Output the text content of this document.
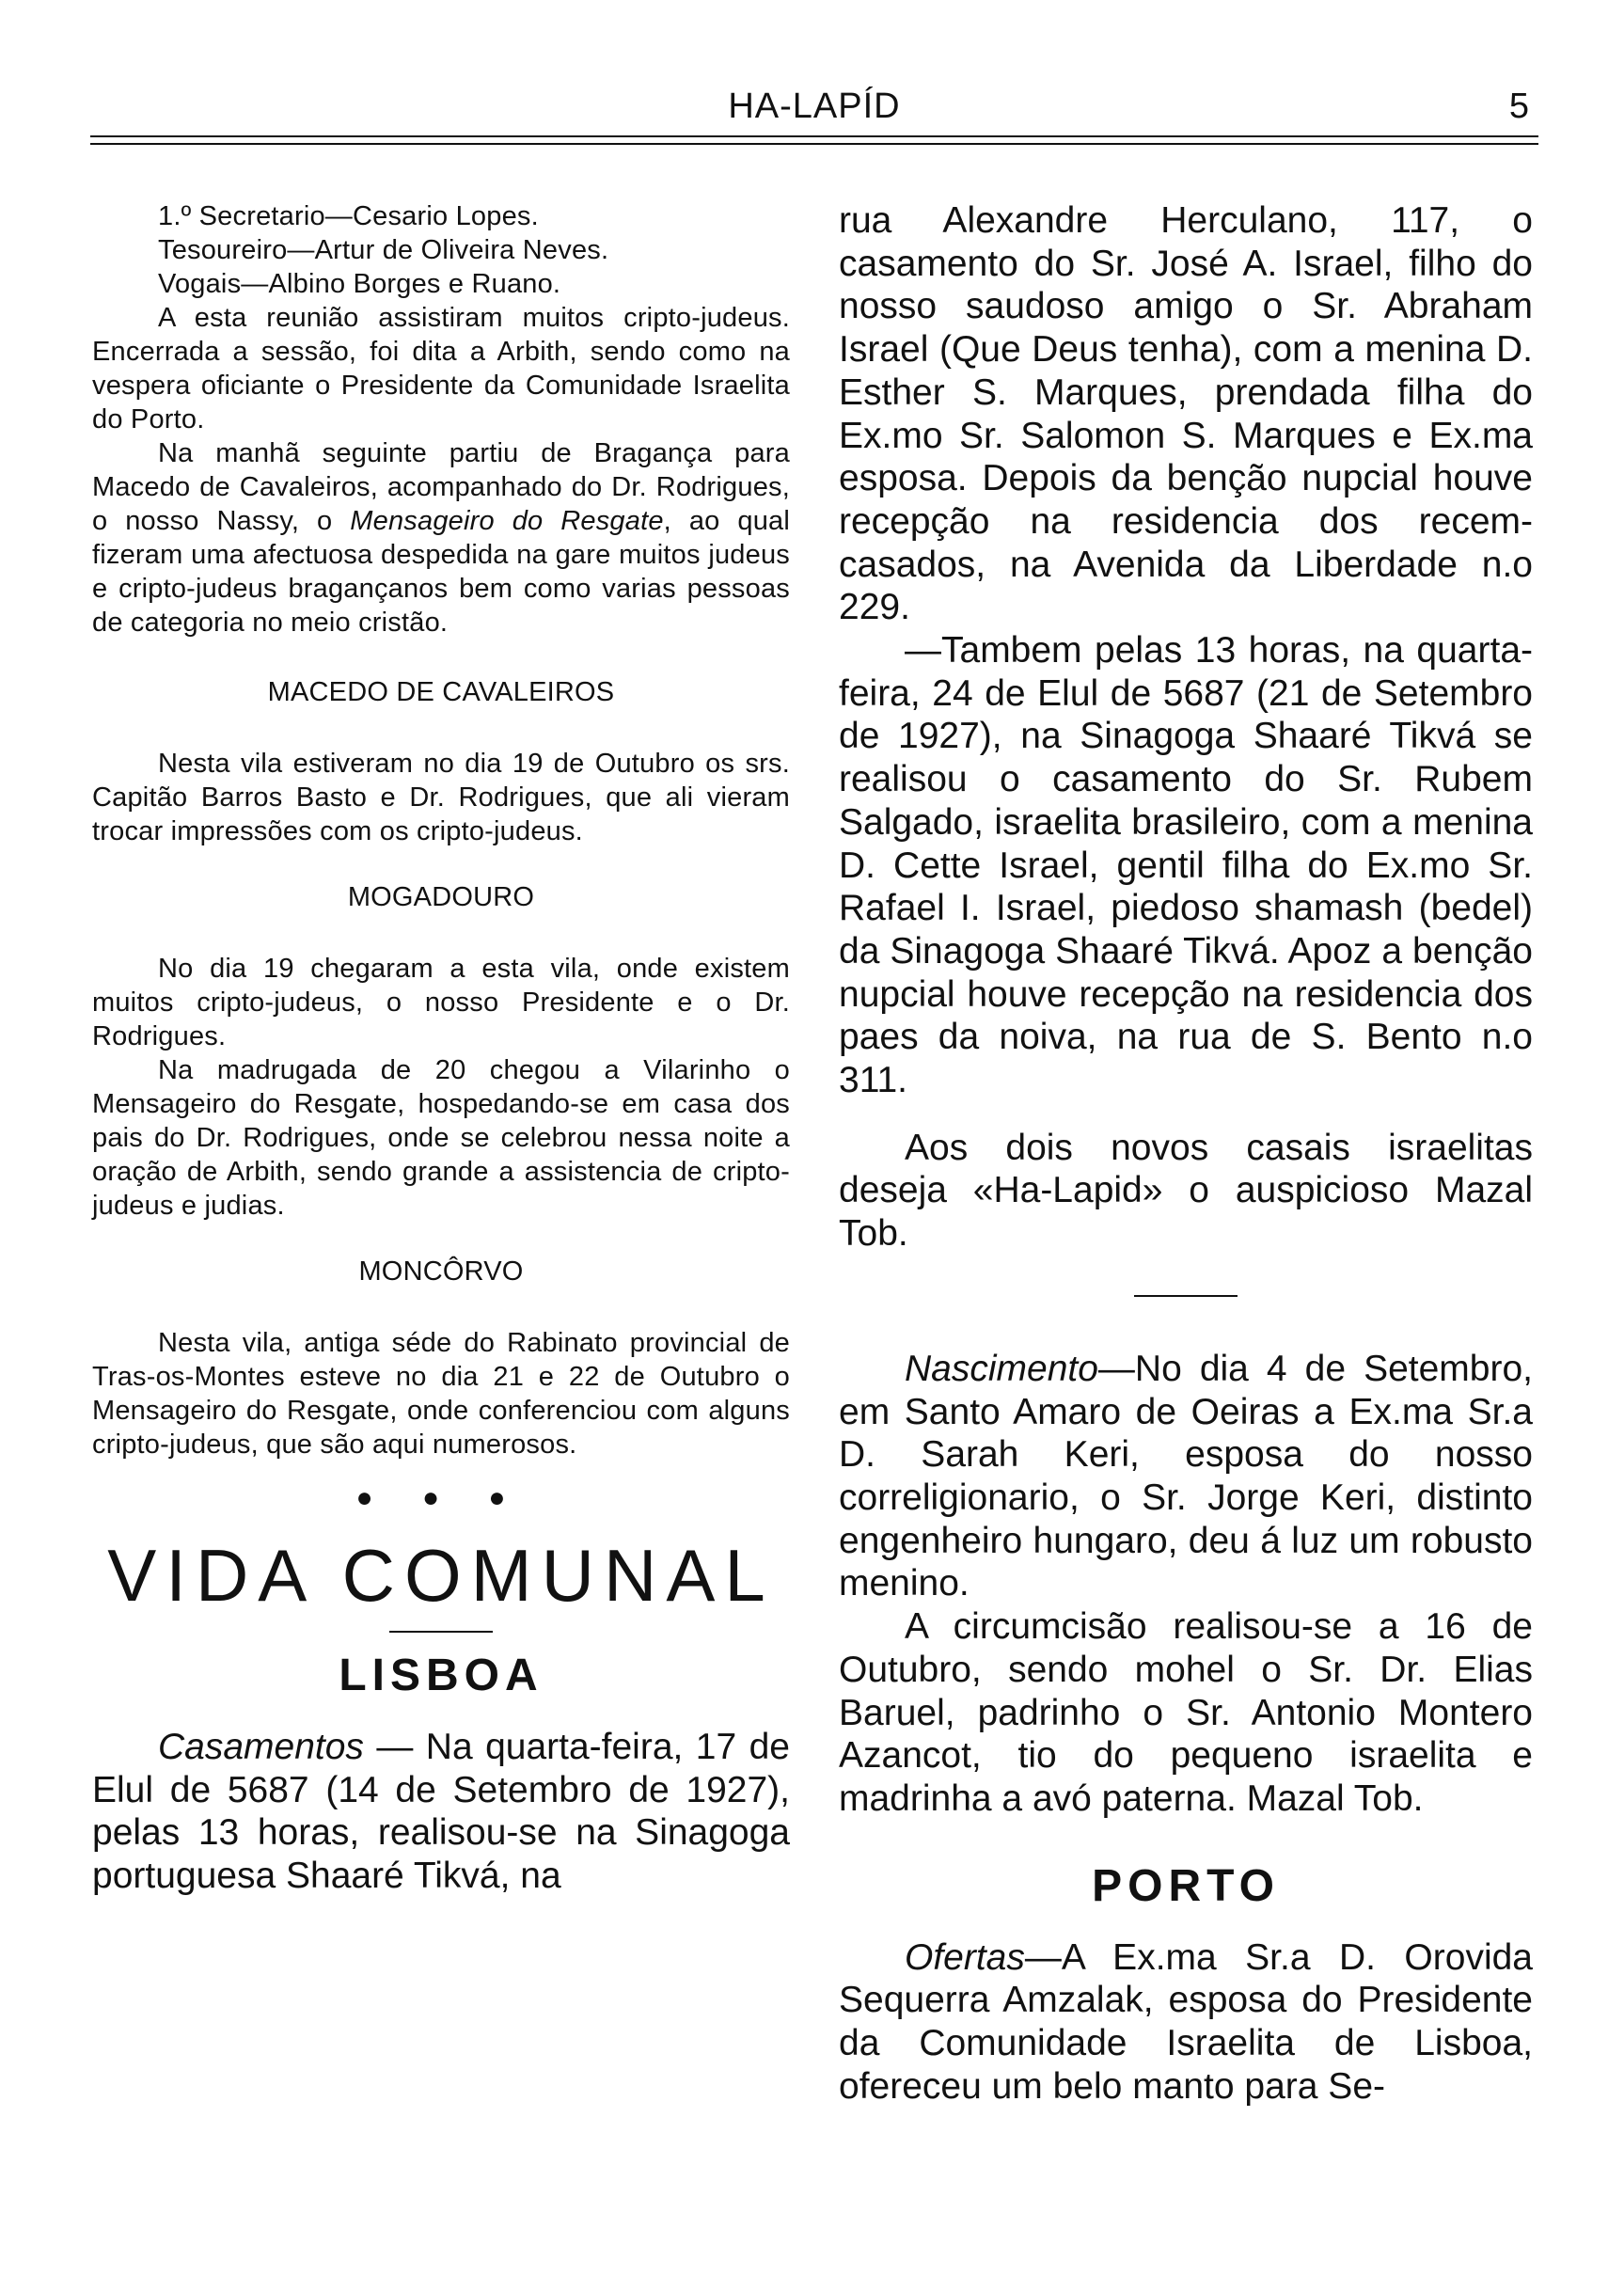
HA-LAPÍD	5

1.º Secretario—Cesario Lopes.

Tesoureiro—Artur de Oliveira Neves.

Vogais—Albino Borges e Ruano.

A esta reunião assistiram muitos cripto-judeus. Encerrada a sessão, foi dita a Arbith, sendo como na vespera oficiante o Presidente da Comunidade Israelita do Porto.

Na manhã seguinte partiu de Bragança para Macedo de Cavaleiros, acompanhado do Dr. Rodrigues, o nosso Nassy, o Mensageiro do Resgate, ao qual fizeram uma afectuosa despedida na gare muitos judeus e cripto-judeus bragançanos bem como varias pessoas de categoria no meio cristão.

MACEDO DE CAVALEIROS

Nesta vila estiveram no dia 19 de Outubro os srs. Capitão Barros Basto e Dr. Rodrigues, que ali vieram trocar impressões com os cripto-judeus.

MOGADOURO

No dia 19 chegaram a esta vila, onde existem muitos cripto-judeus, o nosso Presidente e o Dr. Rodrigues.

Na madrugada de 20 chegou a Vilarinho o Mensageiro do Resgate, hospedando-se em casa dos pais do Dr. Rodrigues, onde se celebrou nessa noite a oração de Arbith, sendo grande a assistencia de cripto-judeus e judias.

MONCÔRVO

Nesta vila, antiga séde do Rabinato provincial de Tras-os-Montes esteve no dia 21 e 22 de Outubro o Mensageiro do Resgate, onde conferenciou com alguns cripto-judeus, que são aqui numerosos.

● ● ●

VIDA COMUNAL

LISBOA

Casamentos — Na quarta-feira, 17 de Elul de 5687 (14 de Setembro de 1927), pelas 13 horas, realisou-se na Sinagoga portuguesa Shaaré Tikvá, na

rua Alexandre Herculano, 117, o casamento do Sr. José A. Israel, filho do nosso saudoso amigo o Sr. Abraham Israel (Que Deus tenha), com a menina D. Esther S. Marques, prendada filha do Ex.mo Sr. Salomon S. Marques e Ex.ma esposa. Depois da benção nupcial houve recepção na residencia dos recem-casados, na Avenida da Liberdade n.o 229.

—Tambem pelas 13 horas, na quarta-feira, 24 de Elul de 5687 (21 de Setembro de 1927), na Sinagoga Shaaré Tikvá se realisou o casamento do Sr. Rubem Salgado, israelita brasileiro, com a menina D. Cette Israel, gentil filha do Ex.mo Sr. Rafael I. Israel, piedoso shamash (bedel) da Sinagoga Shaaré Tikvá. Apoz a benção nupcial houve recepção na residencia dos paes da noiva, na rua de S. Bento n.o 311.

Aos dois novos casais israelitas deseja «Ha-Lapid» o auspicioso Mazal Tob.

Nascimento—No dia 4 de Setembro, em Santo Amaro de Oeiras a Ex.ma Sr.a D. Sarah Keri, esposa do nosso correligionario, o Sr. Jorge Keri, distinto engenheiro hungaro, deu á luz um robusto menino.

A circumcisão realisou-se a 16 de Outubro, sendo mohel o Sr. Dr. Elias Baruel, padrinho o Sr. Antonio Montero Azancot, tio do pequeno israelita e madrinha a avó paterna. Mazal Tob.

PORTO

Ofertas—A Ex.ma Sr.a D. Orovida Sequerra Amzalak, esposa do Presidente da Comunidade Israelita de Lisboa, ofereceu um belo manto para Se-
